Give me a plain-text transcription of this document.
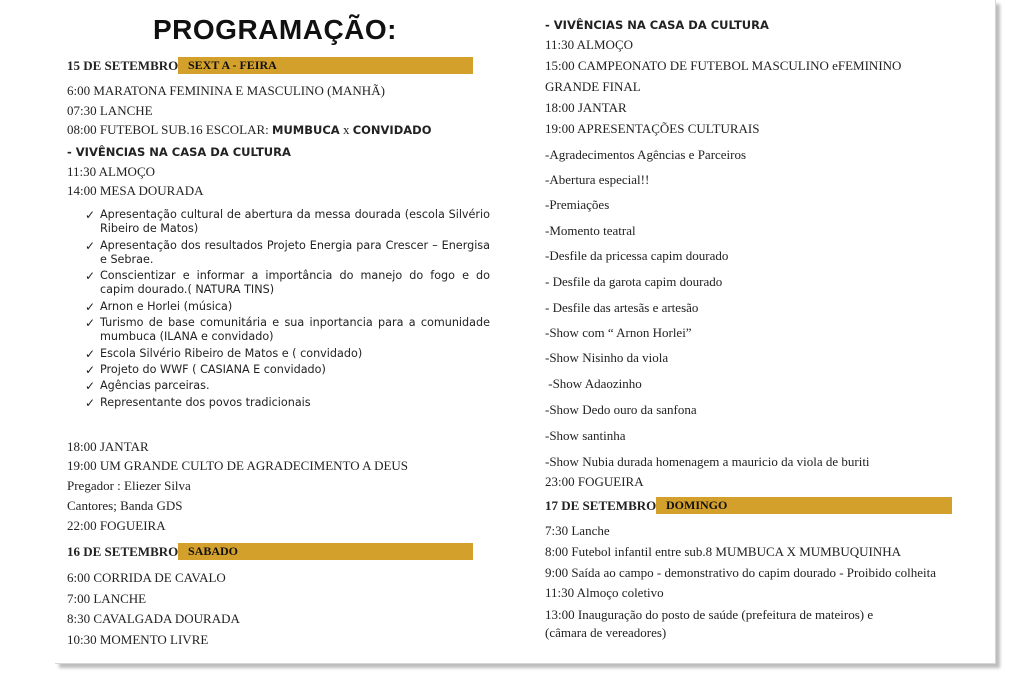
PROGRAMAÇÃO:
15 DE SETEMBRO SEXT A - FEIRA
6:00 MARATONA FEMININA E MASCULINO (MANHÃ)
07:30 LANCHE
08:00 FUTEBOL SUB.16 ESCOLAR: MUMBUCA x CONVIDADO
- VIVÊNCIAS NA CASA DA CULTURA
11:30 ALMOÇO
14:00 MESA DOURADA
✓ Apresentação cultural de abertura da messa dourada (escola Silvério Ribeiro de Matos)
✓ Apresentação dos resultados Projeto Energia para Crescer – Energisa e Sebrae.
✓ Conscientizar e informar a importância do manejo do fogo e do capim dourado.( NATURA TINS)
✓ Arnon e Horlei (música)
✓ Turismo de base comunitária e sua inportancia para a comunidade mumbuca (ILANA e convidado)
✓ Escola Silvério Ribeiro de Matos e ( convidado)
✓ Projeto do WWF ( CASIANA E convidado)
✓ Agências parceiras.
✓ Representante dos povos tradicionais
18:00 JANTAR
19:00 UM GRANDE CULTO DE AGRADECIMENTO A DEUS
Pregador : Eliezer Silva
Cantores; Banda GDS
22:00 FOGUEIRA
16 DE SETEMBRO SABADO
6:00 CORRIDA DE CAVALO
7:00 LANCHE
8:30 CAVALGADA DOURADA
10:30 MOMENTO LIVRE
- VIVÊNCIAS NA CASA DA CULTURA
11:30 ALMOÇO
15:00 CAMPEONATO DE FUTEBOL MASCULINO eFEMININO
GRANDE FINAL
18:00 JANTAR
19:00 APRESENTAÇÕES CULTURAIS
-Agradecimentos Agências e Parceiros
-Abertura especial!!
-Premiações
-Momento teatral
-Desfile da pricessa capim dourado
- Desfile da garota capim dourado
- Desfile das artesãs e artesão
-Show com “ Arnon Horlei”
-Show Nisinho da viola
-Show Adaozinho
-Show Dedo ouro da sanfona
-Show santinha
-Show Nubia durada homenagem a mauricio da viola de buriti
23:00 FOGUEIRA
17 DE SETEMBRO DOMINGO
7:30 Lanche
8:00 Futebol infantil entre sub.8 MUMBUCA X MUMBUQUINHA
9:00 Saída ao campo - demonstrativo do capim dourado - Proibido colheita
11:30 Almoço coletivo
13:00 Inauguração do posto de saúde (prefeitura de mateiros) e
(câmara de vereadores)
